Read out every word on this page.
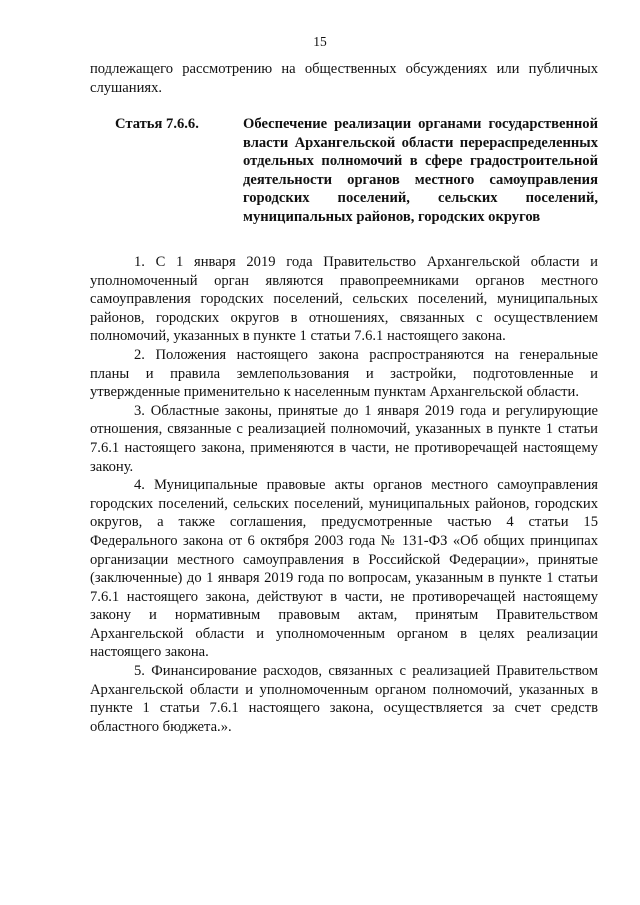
15
подлежащего рассмотрению на общественных обсуждениях или публичных слушаниях.
Статья 7.6.6.	Обеспечение реализации органами государственной власти Архангельской области перераспределенных отдельных полномочий в сфере градостроительной деятельности органов местного самоуправления городских поселений, сельских поселений, муниципальных районов, городских округов

1. С 1 января 2019 года Правительство Архангельской области и уполномоченный орган являются правопреемниками органов местного самоуправления городских поселений, сельских поселений, муниципальных районов, городских округов в отношениях, связанных с осуществлением полномочий, указанных в пункте 1 статьи 7.6.1 настоящего закона.

2. Положения настоящего закона распространяются на генеральные планы и правила землепользования и застройки, подготовленные и утвержденные применительно к населенным пунктам Архангельской области.

3. Областные законы, принятые до 1 января 2019 года и регулирующие отношения, связанные с реализацией полномочий, указанных в пункте 1 статьи 7.6.1 настоящего закона, применяются в части, не противоречащей настоящему закону.

4. Муниципальные правовые акты органов местного самоуправления городских поселений, сельских поселений, муниципальных районов, городских округов, а также соглашения, предусмотренные частью 4 статьи 15 Федерального закона от 6 октября 2003 года № 131-ФЗ «Об общих принципах организации местного самоуправления в Российской Федерации», принятые (заключенные) до 1 января 2019 года по вопросам, указанным в пункте 1 статьи 7.6.1 настоящего закона, действуют в части, не противоречащей настоящему закону и нормативным правовым актам, принятым Правительством Архангельской области и уполномоченным органом в целях реализации настоящего закона.

5. Финансирование расходов, связанных с реализацией Правительством Архангельской области и уполномоченным органом полномочий, указанных в пункте 1 статьи 7.6.1 настоящего закона, осуществляется за счет средств областного бюджета.».
